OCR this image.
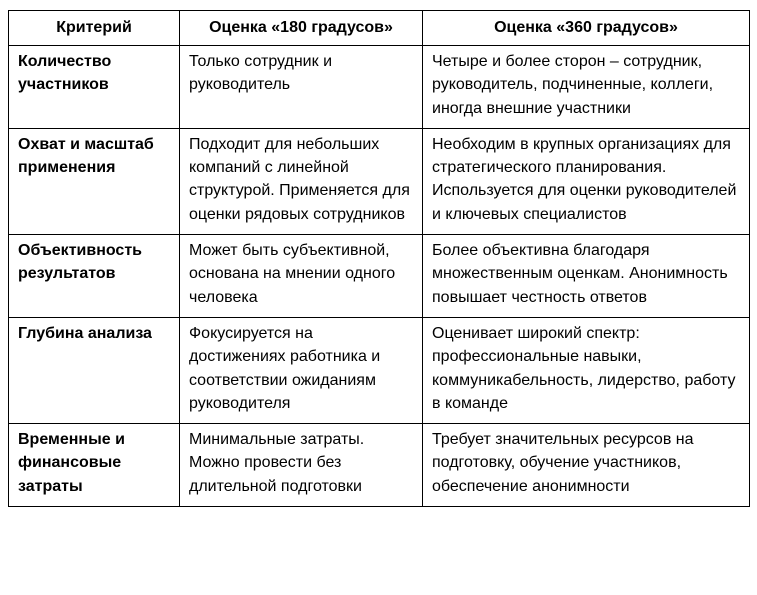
Критерий	Оценка «180 градусов»	Оценка «360 градусов»
Количество участников	Только сотрудник и руководитель	Четыре и более сторон – сотрудник, руководитель, подчиненные, коллеги, иногда внешние участники
Охват и масштаб применения	Подходит для небольших компаний с линейной структурой. Применяется для оценки рядовых сотрудников	Необходим в крупных организациях для стратегического планирования. Используется для оценки руководителей и ключевых специалистов
Объективность результатов	Может быть субъективной, основана на мнении одного человека	Более объективна благодаря множественным оценкам. Анонимность повышает честность ответов
Глубина анализа	Фокусируется на достижениях работника и соответствии ожиданиям руководителя	Оценивает широкий спектр: профессиональные навыки, коммуникабельность, лидерство, работу в команде
Временные и финансовые затраты	Минимальные затраты. Можно провести без длительной подготовки	Требует значительных ресурсов на подготовку, обучение участников, обеспечение анонимности
